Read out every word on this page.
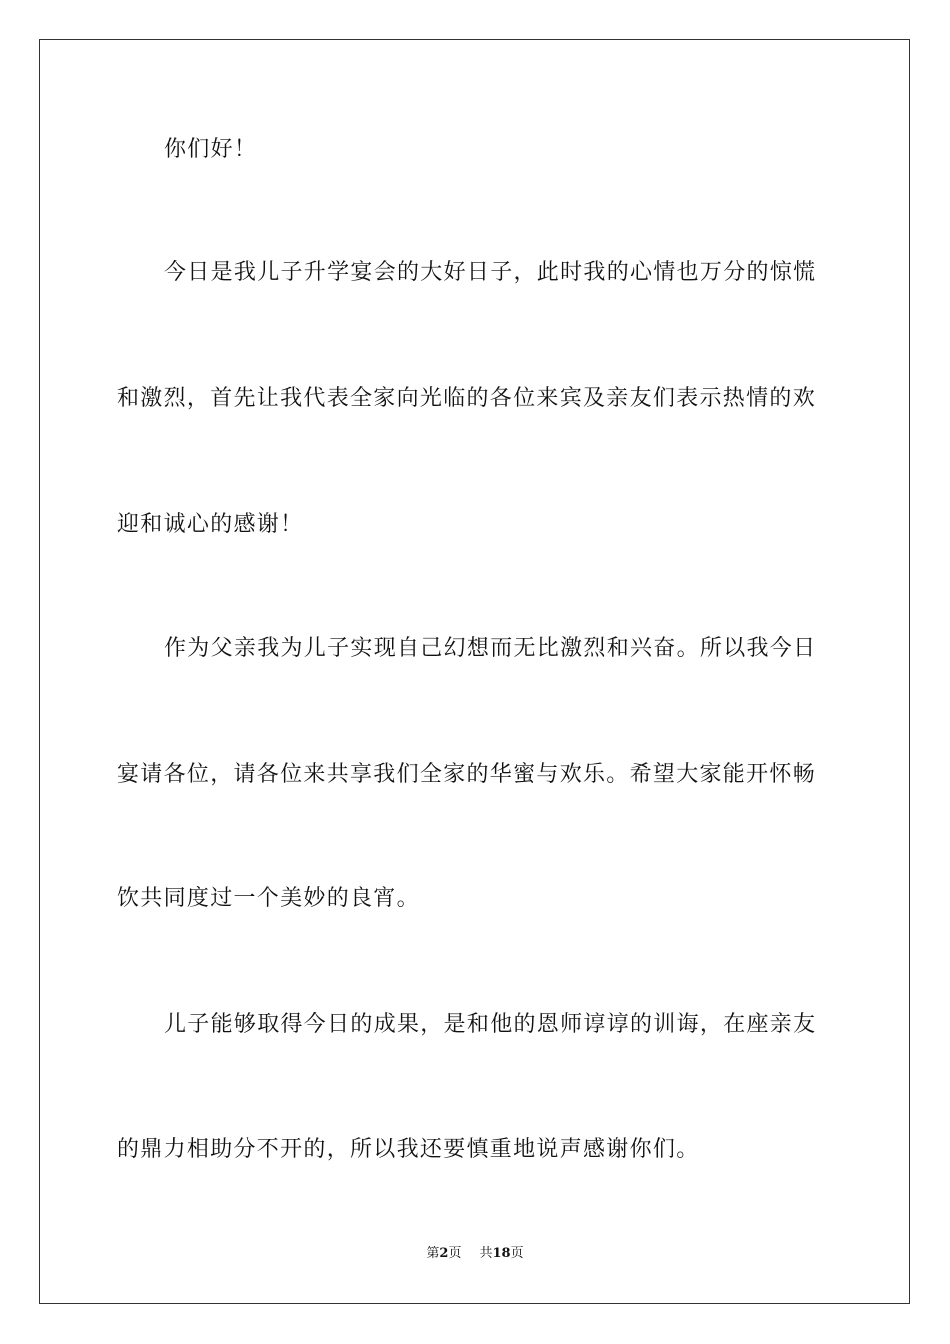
你们好！
今日是我儿子升学宴会的大好日子，此时我的心情也万分的惊慌
和激烈，首先让我代表全家向光临的各位来宾及亲友们表示热情的欢
迎和诚心的感谢！
作为父亲我为儿子实现自己幻想而无比激烈和兴奋。所以我今日
宴请各位，请各位来共享我们全家的华蜜与欢乐。希望大家能开怀畅
饮共同度过一个美妙的良宵。
儿子能够取得今日的成果，是和他的恩师谆谆的训诲，在座亲友
的鼎力相助分不开的，所以我还要慎重地说声感谢你们。
第2页 共18页
